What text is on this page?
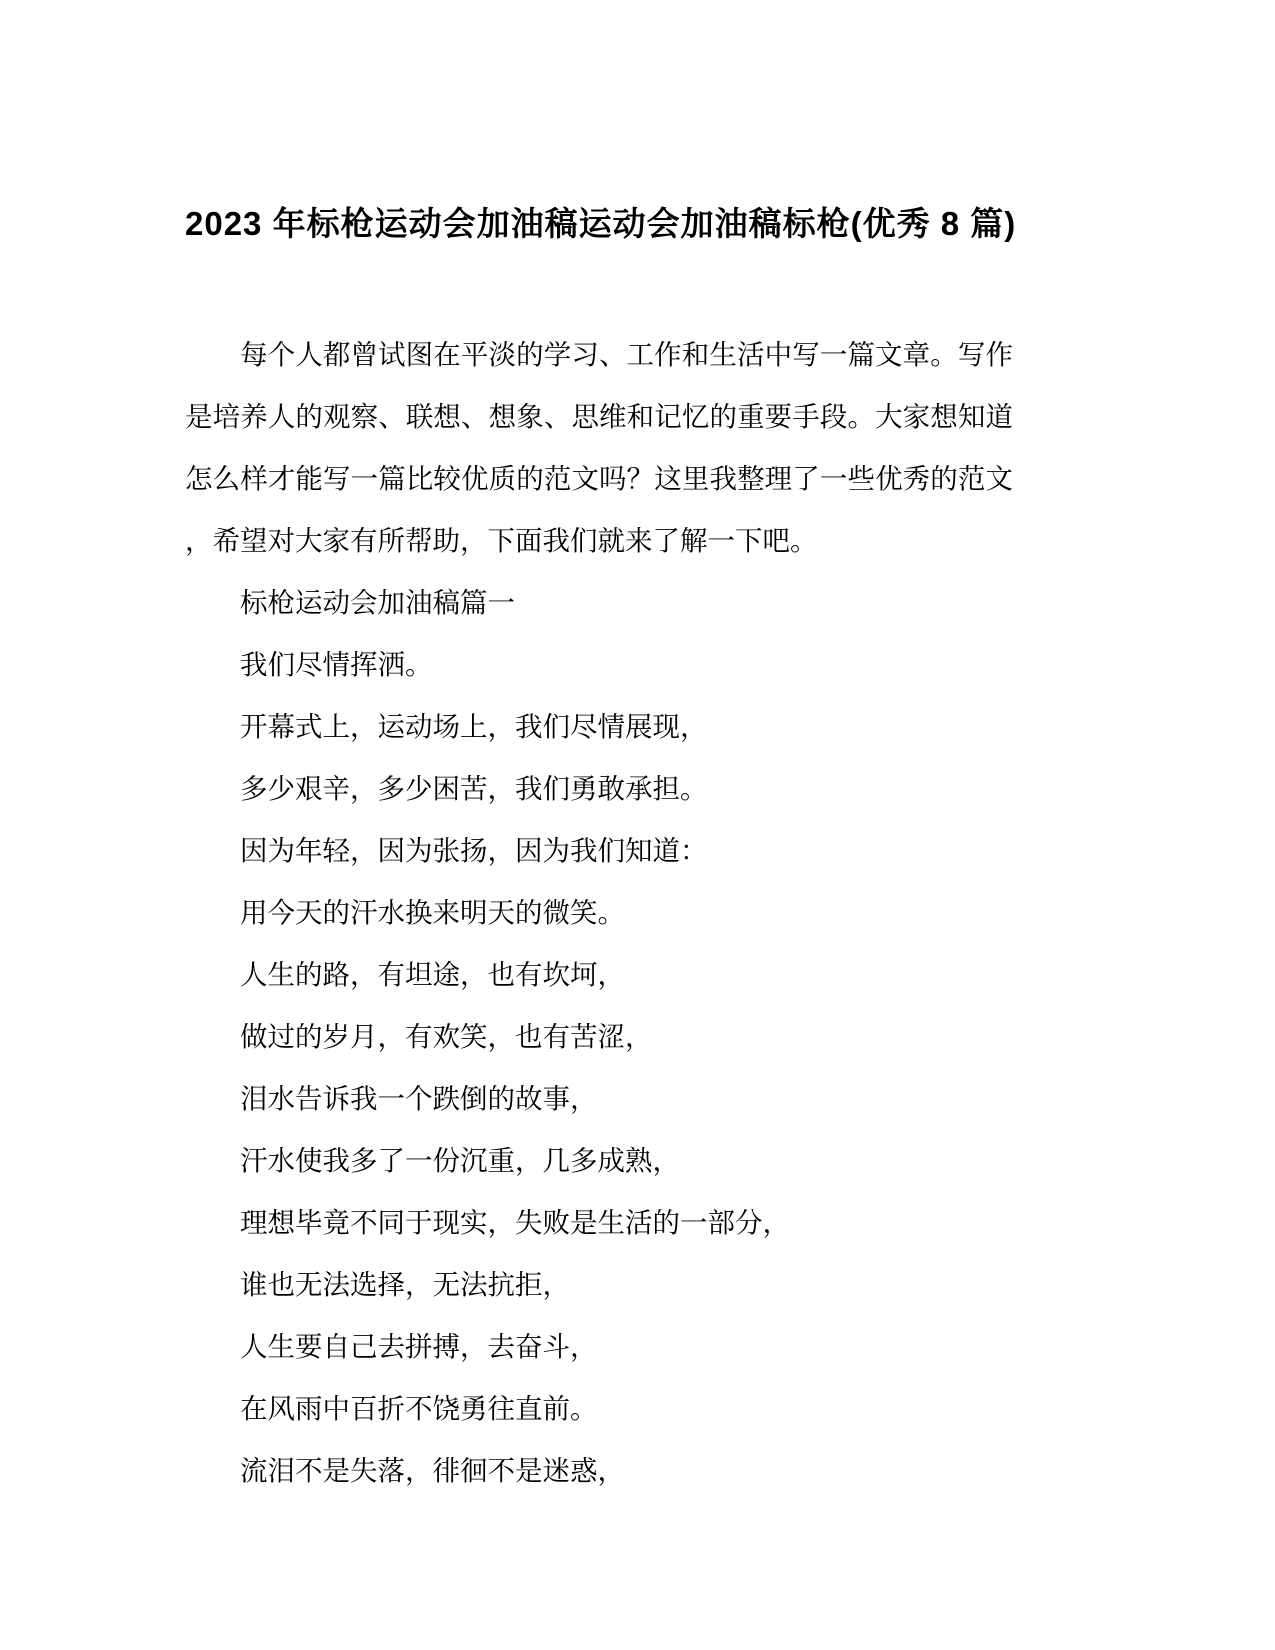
2023 年标枪运动会加油稿运动会加油稿标枪(优秀 8 篇)
每个人都曾试图在平淡的学习、工作和生活中写一篇文章。写作
是培养人的观察、联想、想象、思维和记忆的重要手段。大家想知道
怎么样才能写一篇比较优质的范文吗？这里我整理了一些优秀的范文
，希望对大家有所帮助，下面我们就来了解一下吧。
标枪运动会加油稿篇一
我们尽情挥洒。
开幕式上，运动场上，我们尽情展现，
多少艰辛，多少困苦，我们勇敢承担。
因为年轻，因为张扬，因为我们知道：
用今天的汗水换来明天的微笑。
人生的路，有坦途，也有坎坷，
做过的岁月，有欢笑，也有苦涩，
泪水告诉我一个跌倒的故事，
汗水使我多了一份沉重，几多成熟，
理想毕竟不同于现实，失败是生活的一部分，
谁也无法选择，无法抗拒，
人生要自己去拼搏，去奋斗，
在风雨中百折不饶勇往直前。
流泪不是失落，徘徊不是迷惑，
